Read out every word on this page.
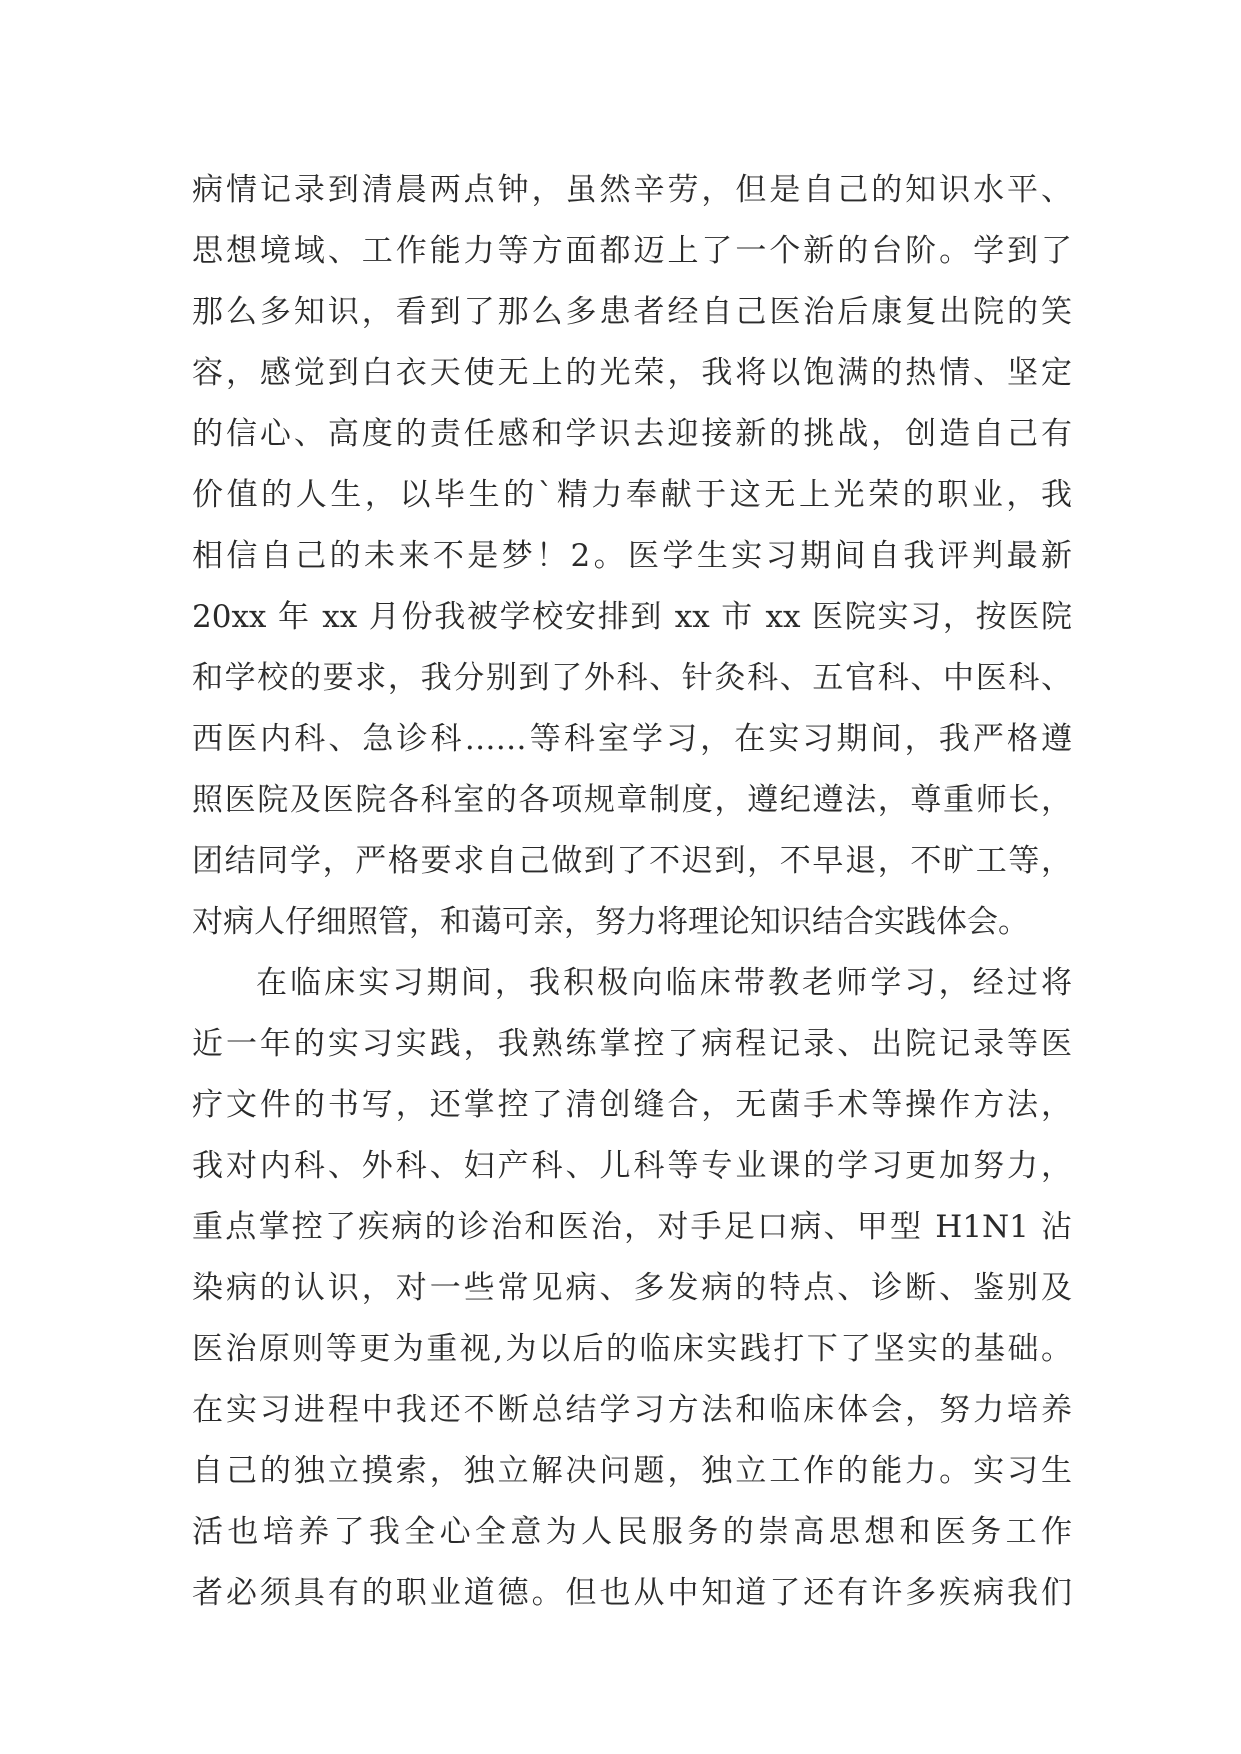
病情记录到清晨两点钟，虽然辛劳，但是自己的知识水平、
思想境域、工作能力等方面都迈上了一个新的台阶。学到了
那么多知识，看到了那么多患者经自己医治后康复出院的笑
容，感觉到白衣天使无上的光荣，我将以饱满的热情、坚定
的信心、高度的责任感和学识去迎接新的挑战，创造自己有
价值的人生，以毕生的`精力奉献于这无上光荣的职业，我
相信自己的未来不是梦！2。医学生实习期间自我评判最新
20xx 年 xx 月份我被学校安排到 xx 市 xx 医院实习，按医院
和学校的要求，我分别到了外科、针灸科、五官科、中医科、
西医内科、急诊科……等科室学习，在实习期间，我严格遵
照医院及医院各科室的各项规章制度，遵纪遵法，尊重师长，
团结同学，严格要求自己做到了不迟到，不早退，不旷工等，
对病人仔细照管，和蔼可亲，努力将理论知识结合实践体会。
在临床实习期间，我积极向临床带教老师学习，经过将
近一年的实习实践，我熟练掌控了病程记录、出院记录等医
疗文件的书写，还掌控了清创缝合，无菌手术等操作方法，
我对内科、外科、妇产科、儿科等专业课的学习更加努力，
重点掌控了疾病的诊治和医治，对手足口病、甲型 H1N1 沾
染病的认识，对一些常见病、多发病的特点、诊断、鉴别及
医治原则等更为重视,为以后的临床实践打下了坚实的基础。
在实习进程中我还不断总结学习方法和临床体会，努力培养
自己的独立摸索，独立解决问题，独立工作的能力。实习生
活也培养了我全心全意为人民服务的崇高思想和医务工作
者必须具有的职业道德。但也从中知道了还有许多疾病我们
